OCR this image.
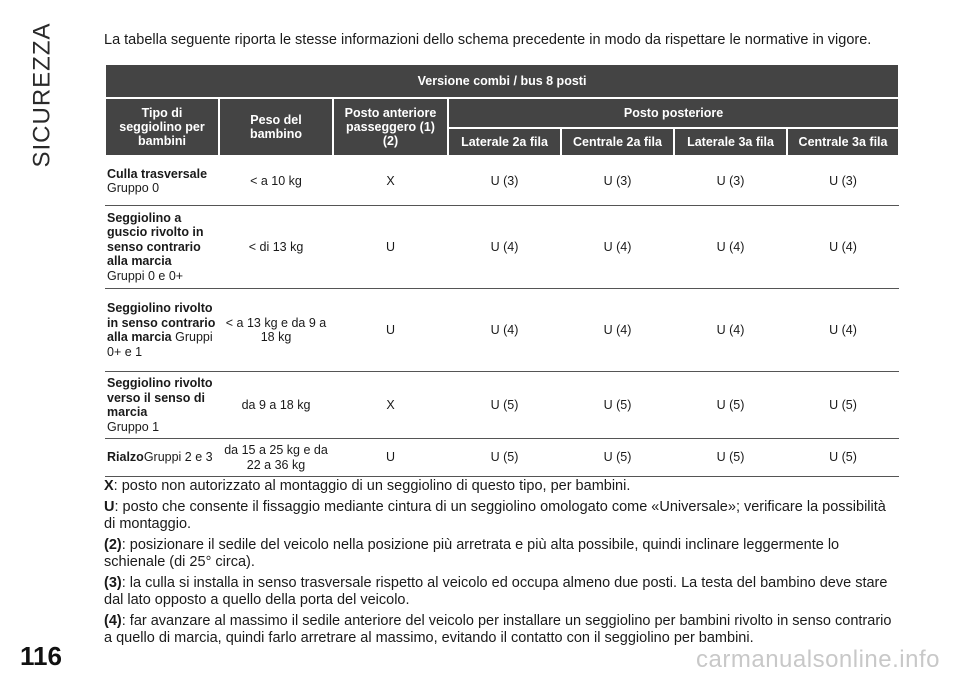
SICUREZZA	La tabella seguente riporta le stesse informazioni dello schema precedente in modo da rispettare le normative in vigore.

Versione combi / bus 8 posti						
Tipo di seggiolino per bambini	Peso del bambino	Posto anteriore passeggero (1) (2)	Posto posteriore			
			Laterale 2a fila	Centrale 2a fila	Laterale 3a fila	Centrale 3a fila
Culla trasversale
Gruppo 0	< a 10 kg	X	U (3)	U (3)	U (3)	U (3)
Seggiolino a guscio rivolto in senso contrario alla marcia
Gruppi 0 e 0+	< di 13 kg	U	U (4)	U (4)	U (4)	U (4)
Seggiolino rivolto in senso contrario alla marcia Gruppi 0+ e 1	< a 13 kg e da 9 a 18 kg	U	U (4)	U (4)	U (4)	U (4)
Seggiolino rivolto verso il senso di marcia
Gruppo 1	da 9 a 18 kg	X	U (5)	U (5)	U (5)	U (5)
RialzoGruppi 2 e 3	da 15 a 25 kg e da 22 a 36 kg	U	U (5)	U (5)	U (5)	U (5)

X: posto non autorizzato al montaggio di un seggiolino di questo tipo, per bambini.

U: posto che consente il fissaggio mediante cintura di un seggiolino omologato come «Universale»; verificare la possibilità di montaggio.

(2): posizionare il sedile del veicolo nella posizione più arretrata e più alta possibile, quindi inclinare leggermente lo schienale (di 25° circa).

(3): la culla si installa in senso trasversale rispetto al veicolo ed occupa almeno due posti. La testa del bambino deve stare dal lato opposto a quello della porta del veicolo.

(4): far avanzare al massimo il sedile anteriore del veicolo per installare un seggiolino per bambini rivolto in senso contrario a quello di marcia, quindi farlo arretrare al massimo, evitando il contatto con il seggiolino per bambini.

116	carmanualsonline.info
